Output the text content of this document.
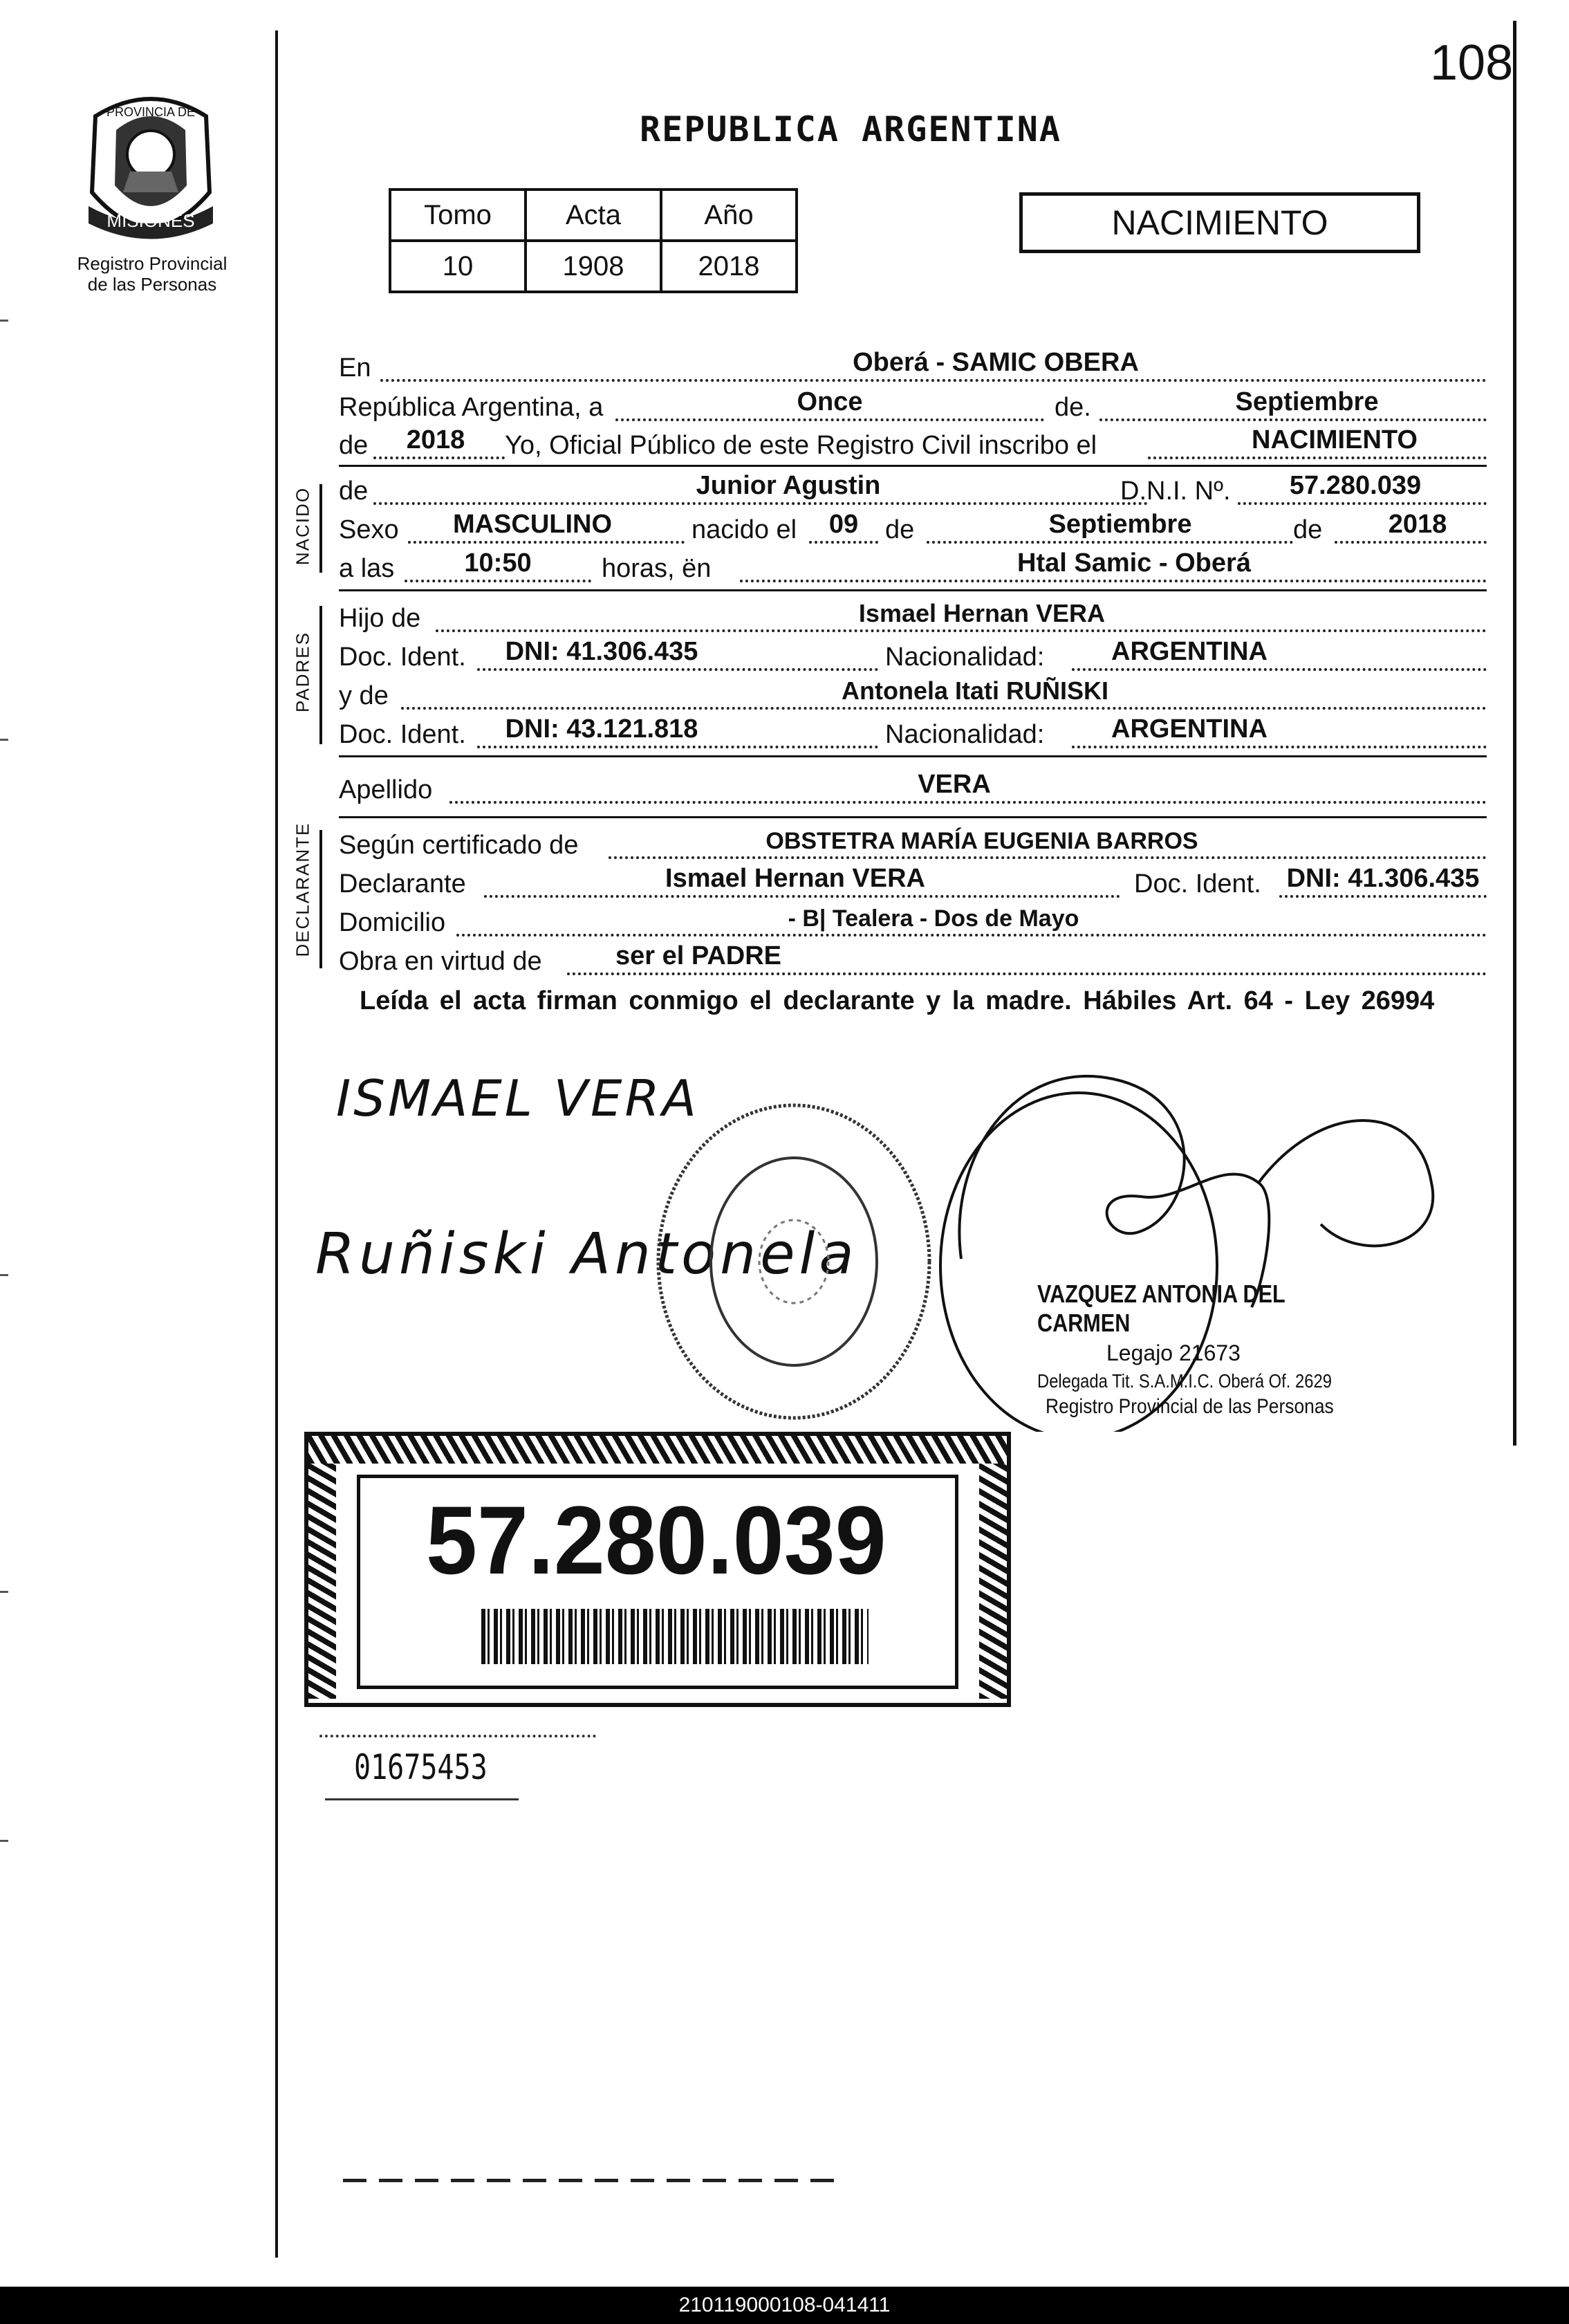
108
MISIONES
PROVINCIA DE
Registro Provincial
de las Personas
REPUBLICA ARGENTINA
Tomo	Acta	Año
10	1908	2018
NACIMIENTO
En	Oberá - SAMIC OBERA
República Argentina, a	Once	de.	Septiembre
de	2018	Yo, Oficial Público de este Registro Civil inscribo el	NACIMIENTO
NACIDO de	Junior Agustin	D.N.I. Nº.	57.280.039
Sexo	MASCULINO	nacido el	09	de	Septiembre	de	2018
a las	10:50	horas, ën	Htal Samic - Oberá
PADRES
Hijo de	Ismael Hernan VERA
Doc. Ident.	DNI: 41.306.435	Nacionalidad:	ARGENTINA
y de	Antonela Itati RUÑISKI
Doc. Ident.	DNI: 43.121.818	Nacionalidad:	ARGENTINA
Apellido	VERA
DECLARANTE Según certificado de	OBSTETRA MARÍA EUGENIA BARROS
Declarante	Ismael Hernan VERA	Doc. Ident. DNI: 41.306.435
Domicilio	- B| Tealera - Dos de Mayo
Obra en virtud de	ser el PADRE
Leída el acta firman conmigo el declarante y la madre. Hábiles Art. 64 - Ley 26994
ISMAEL VERA
Ruñiski Antonela
VAZQUEZ ANTONIA DEL CARMEN
Legajo 21673
Delegada Tit. S.A.M.I.C. Oberá Of. 2629
Registro Provincial de las Personas
57.280.039
01675453
210119000108-041411
